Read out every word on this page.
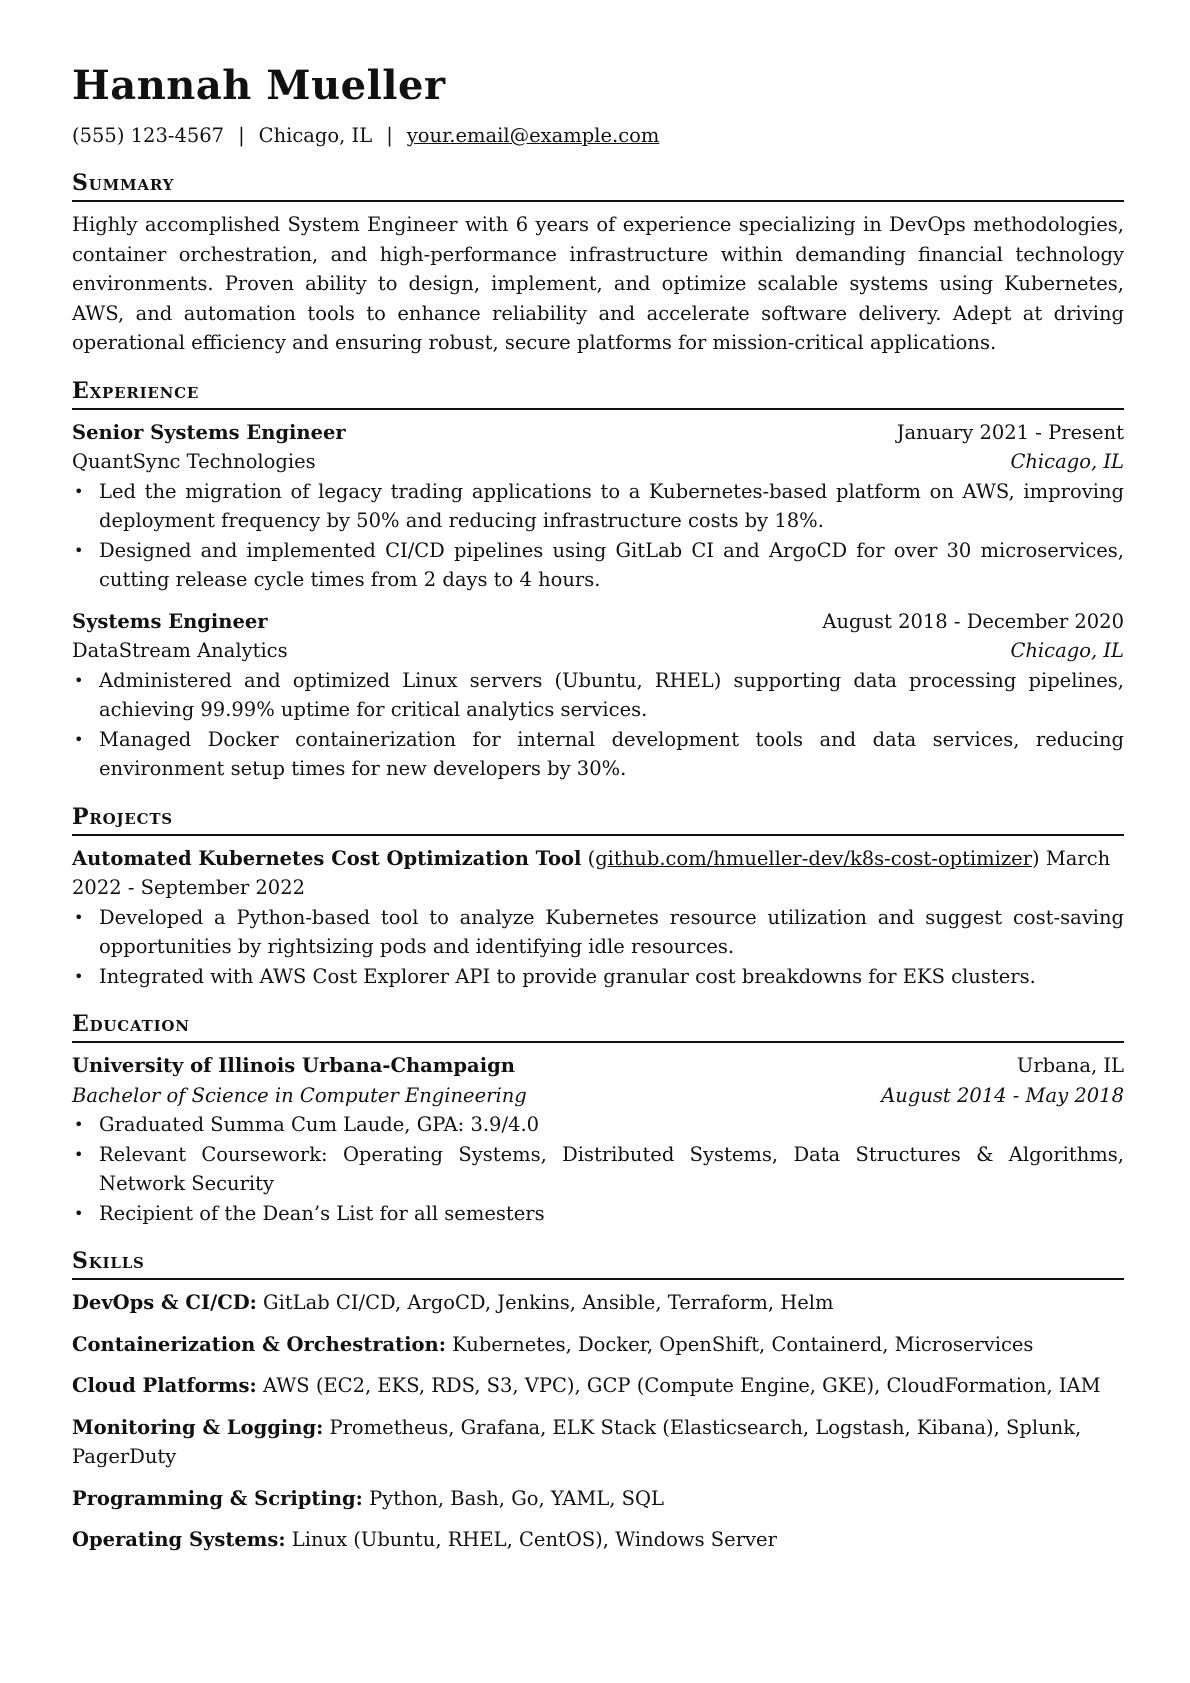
Hannah Mueller
(555) 123-4567 | Chicago, IL | your.email@example.com
Summary

Highly accomplished System Engineer with 6 years of experience specializing in DevOps methodologies, container orchestration, and high-performance infrastructure within demanding financial technology environments. Proven ability to design, implement, and optimize scalable systems using Kubernetes, AWS, and automation tools to enhance reliability and accelerate software delivery. Adept at driving operational efficiency and ensuring robust, secure platforms for mission-critical applications.

Experience
Senior Systems Engineer	January 2021 - Present
QuantSync Technologies	Chicago, IL
• Led the migration of legacy trading applications to a Kubernetes-based platform on AWS, improving deployment frequency by 50% and reducing infrastructure costs by 18%.
• Designed and implemented CI/CD pipelines using GitLab CI and ArgoCD for over 30 microservices, cutting release cycle times from 2 days to 4 hours.
Systems Engineer	August 2018 - December 2020
DataStream Analytics	Chicago, IL
• Administered and optimized Linux servers (Ubuntu, RHEL) supporting data processing pipelines, achieving 99.99% uptime for critical analytics services.
• Managed Docker containerization for internal development tools and data services, reducing environment setup times for new developers by 30%.
Projects
Automated Kubernetes Cost Optimization Tool (github.com/hmueller-dev/k8s-cost-optimizer) March 2022 - September 2022
• Developed a Python-based tool to analyze Kubernetes resource utilization and suggest cost-saving opportunities by rightsizing pods and identifying idle resources.
• Integrated with AWS Cost Explorer API to provide granular cost breakdowns for EKS clusters.
Education
University of Illinois Urbana-Champaign	Urbana, IL
Bachelor of Science in Computer Engineering	August 2014 - May 2018
• Graduated Summa Cum Laude, GPA: 3.9/4.0
• Relevant Coursework: Operating Systems, Distributed Systems, Data Structures & Algorithms, Network Security
• Recipient of the Dean’s List for all semesters
Skills
DevOps & CI/CD: GitLab CI/CD, ArgoCD, Jenkins, Ansible, Terraform, Helm
Containerization & Orchestration: Kubernetes, Docker, OpenShift, Containerd, Microservices
Cloud Platforms: AWS (EC2, EKS, RDS, S3, VPC), GCP (Compute Engine, GKE), CloudFormation, IAM
Monitoring & Logging: Prometheus, Grafana, ELK Stack (Elasticsearch, Logstash, Kibana), Splunk, PagerDuty
Programming & Scripting: Python, Bash, Go, YAML, SQL
Operating Systems: Linux (Ubuntu, RHEL, CentOS), Windows Server
